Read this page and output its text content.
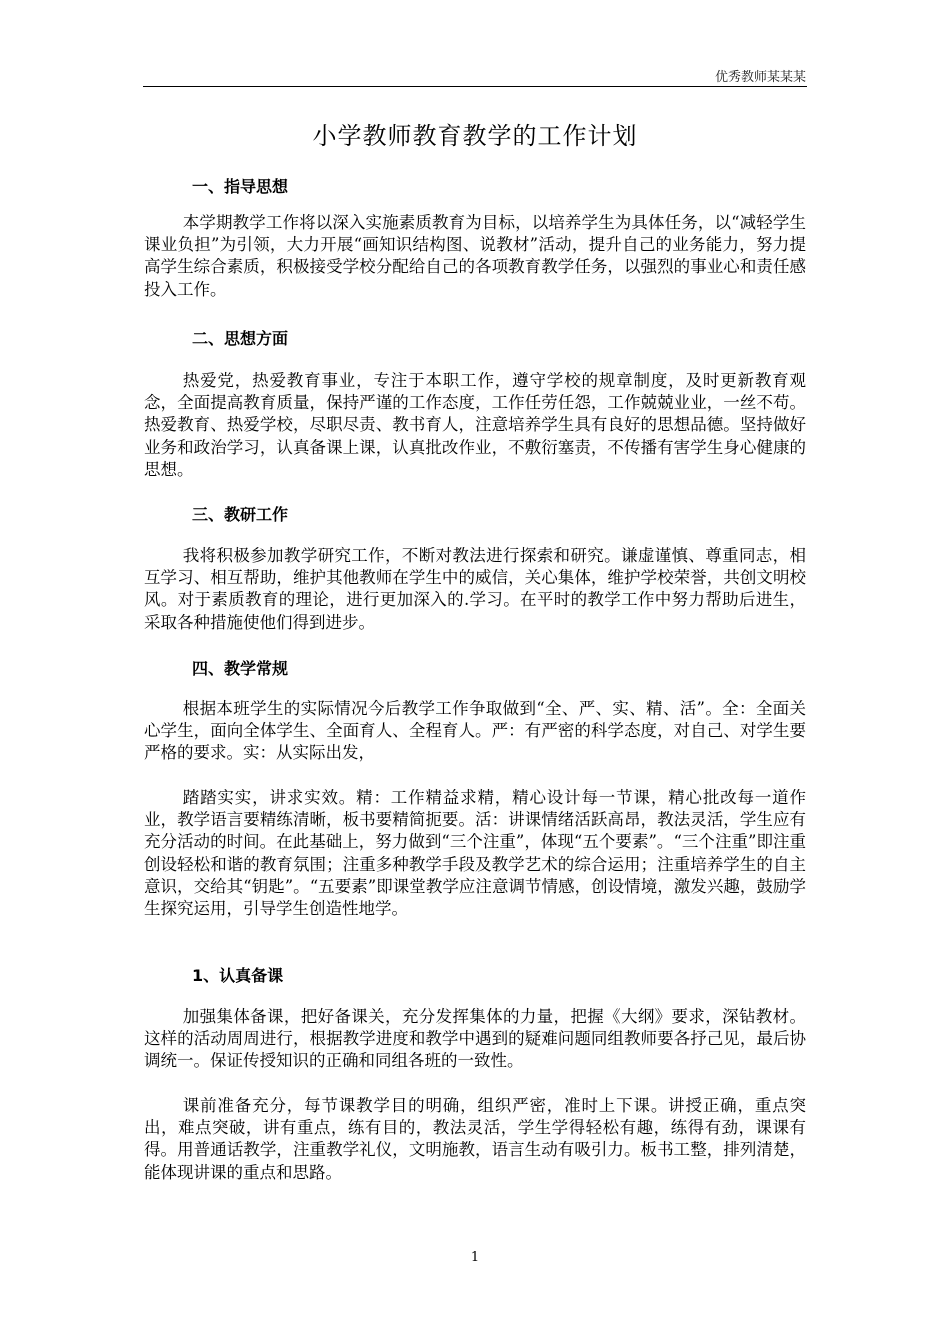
优秀教师某某某
小学教师教育教学的工作计划
一、指导思想

本学期教学工作将以深入实施素质教育为目标，以培养学生为具体任务，以“减轻学生课业负担”为引领，大力开展“画知识结构图、说教材”活动，提升自己的业务能力，努力提高学生综合素质，积极接受学校分配给自己的各项教育教学任务，以强烈的事业心和责任感投入工作。

二、思想方面

热爱党，热爱教育事业，专注于本职工作，遵守学校的规章制度，及时更新教育观念，全面提高教育质量，保持严谨的工作态度，工作任劳任怨，工作兢兢业业，一丝不苟。热爱教育、热爱学校，尽职尽责、教书育人，注意培养学生具有良好的思想品德。坚持做好业务和政治学习，认真备课上课，认真批改作业，不敷衍塞责，不传播有害学生身心健康的思想。

三、教研工作

我将积极参加教学研究工作，不断对教法进行探索和研究。谦虚谨慎、尊重同志，相互学习、相互帮助，维护其他教师在学生中的威信，关心集体，维护学校荣誉，共创文明校风。对于素质教育的理论，进行更加深入的.学习。在平时的教学工作中努力帮助后进生，采取各种措施使他们得到进步。

四、教学常规

根据本班学生的实际情况今后教学工作争取做到“全、严、实、精、活”。全：全面关心学生，面向全体学生、全面育人、全程育人。严：有严密的科学态度，对自己、对学生要严格的要求。实：从实际出发，

踏踏实实，讲求实效。精：工作精益求精，精心设计每一节课，精心批改每一道作业，教学语言要精练清晰，板书要精简扼要。活：讲课情绪活跃高昂，教法灵活，学生应有充分活动的时间。在此基础上，努力做到“三个注重”，体现“五个要素”。“三个注重”即注重创设轻松和谐的教育氛围；注重多种教学手段及教学艺术的综合运用；注重培养学生的自主意识，交给其“钥匙”。“五要素”即课堂教学应注意调节情感，创设情境，激发兴趣，鼓励学生探究运用，引导学生创造性地学。

1、认真备课

加强集体备课，把好备课关，充分发挥集体的力量，把握《大纲》要求，深钻教材。这样的活动周周进行，根据教学进度和教学中遇到的疑难问题同组教师要各抒己见，最后协调统一。保证传授知识的正确和同组各班的一致性。

课前准备充分，每节课教学目的明确，组织严密，准时上下课。讲授正确，重点突出，难点突破，讲有重点，练有目的，教法灵活，学生学得轻松有趣，练得有劲，课课有得。用普通话教学，注重教学礼仪，文明施教，语言生动有吸引力。板书工整，排列清楚，能体现讲课的重点和思路。

1
